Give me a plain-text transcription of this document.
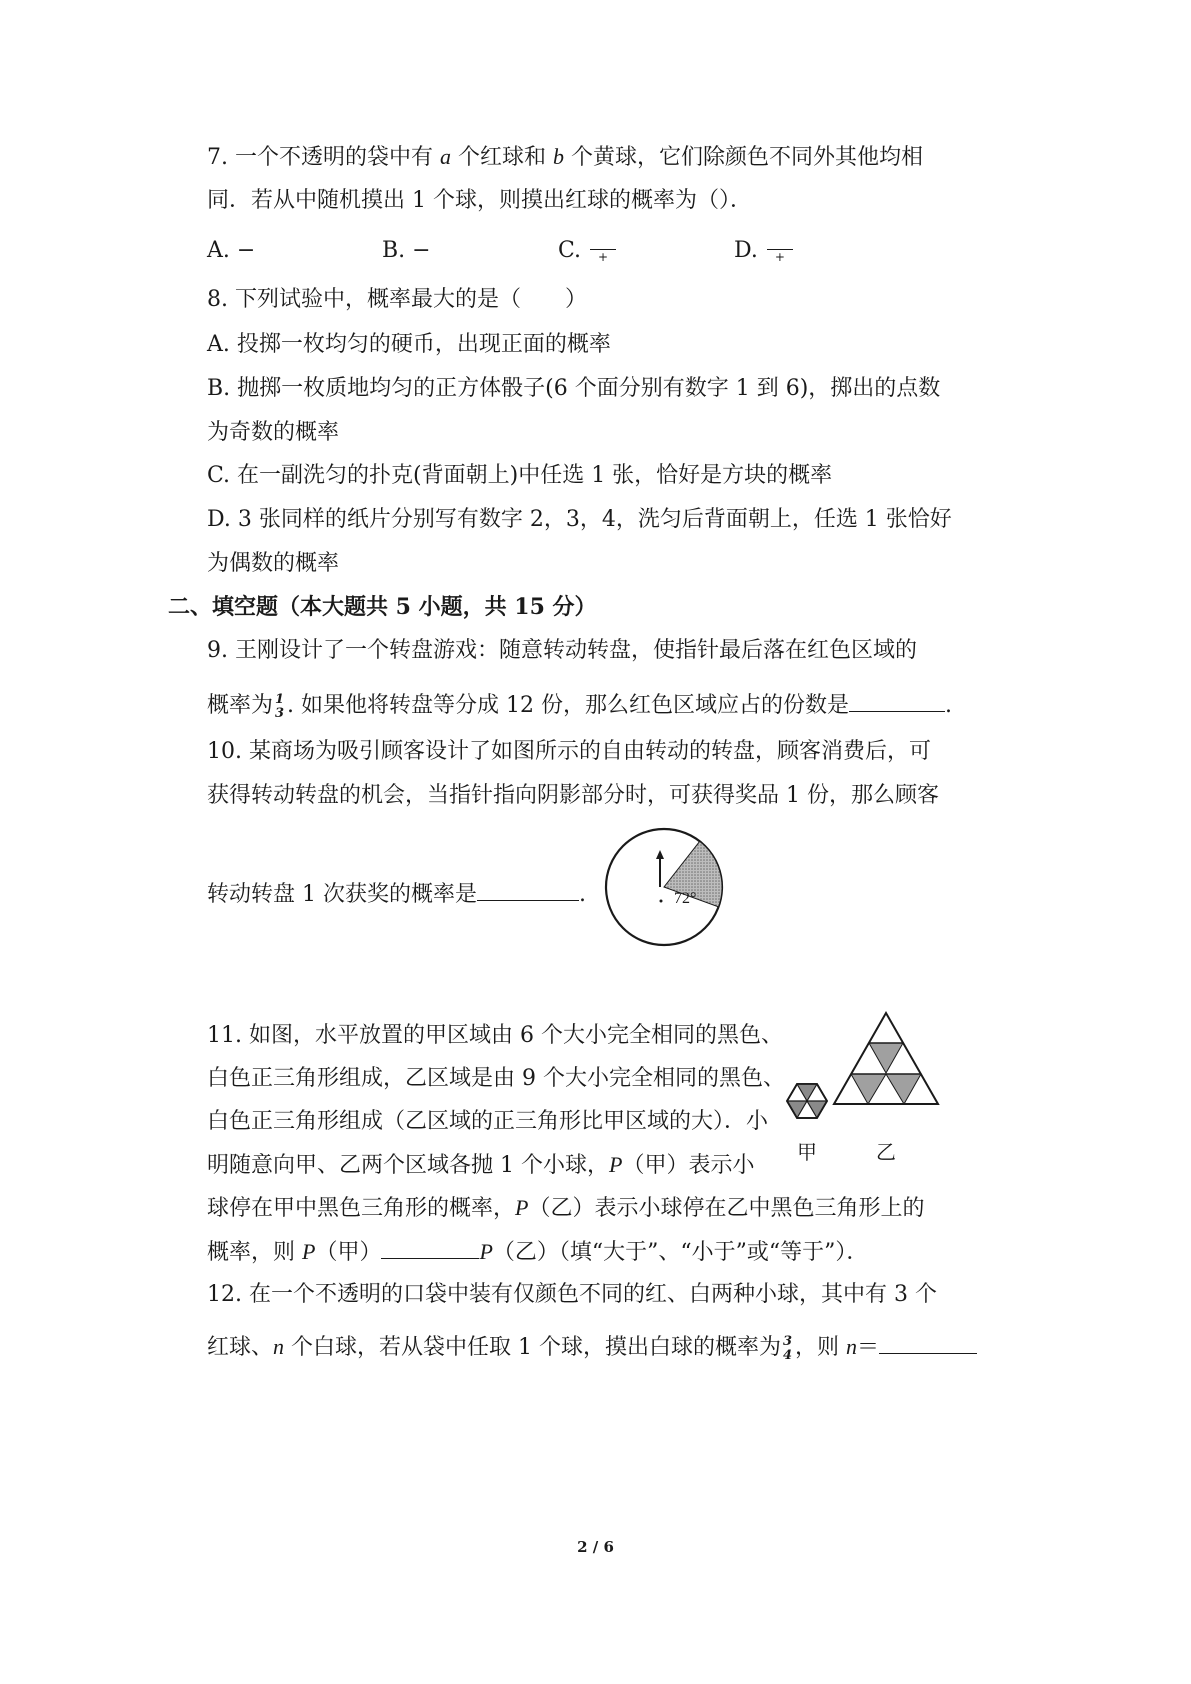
7. 一个不透明的袋中有 a 个红球和 b 个黄球，它们除颜色不同外其他均相
同．若从中随机摸出 1 个球，则摸出红球的概率为（）．
A. −	B. −	C. +	D. +
8. 下列试验中，概率最大的是（　　）
A. 投掷一枚均匀的硬币，出现正面的概率
B. 抛掷一枚质地均匀的正方体骰子(6 个面分别有数字 1 到 6)，掷出的点数
为奇数的概率
C. 在一副洗匀的扑克(背面朝上)中任选 1 张，恰好是方块的概率
D. 3 张同样的纸片分别写有数字 2，3，4，洗匀后背面朝上，任选 1 张恰好
为偶数的概率
二、填空题（本大题共 5 小题，共 15 分）
9. 王刚设计了一个转盘游戏：随意转动转盘，使指针最后落在红色区域的
概率为 1
3 . 如果他将转盘等分成 12 份，那么红色区域应占的份数是	.
10. 某商场为吸引顾客设计了如图所示的自由转动的转盘，顾客消费后，可
获得转动转盘的机会，当指针指向阴影部分时，可获得奖品 1 份，那么顾客
转动转盘 1 次获奖的概率是	.	72°
11. 如图，水平放置的甲区域由 6 个大小完全相同的黑色、
白色正三角形组成，乙区域是由 9 个大小完全相同的黑色、
白色正三角形组成（乙区域的正三角形比甲区域的大）．小
明随意向甲、乙两个区域各抛 1 个小球，P（甲）表示小
球停在甲中黑色三角形的概率，P（乙）表示小球停在乙中黑色三角形上的
概率，则 P（甲）	P（乙）（填“大于”、“小于”或“等于”）．
甲	乙
12. 在一个不透明的口袋中装有仅颜色不同的红、白两种小球，其中有 3 个
红球、n 个白球，若从袋中任取 1 个球，摸出白球的概率为 3
4 ，则 n＝
2 / 6
